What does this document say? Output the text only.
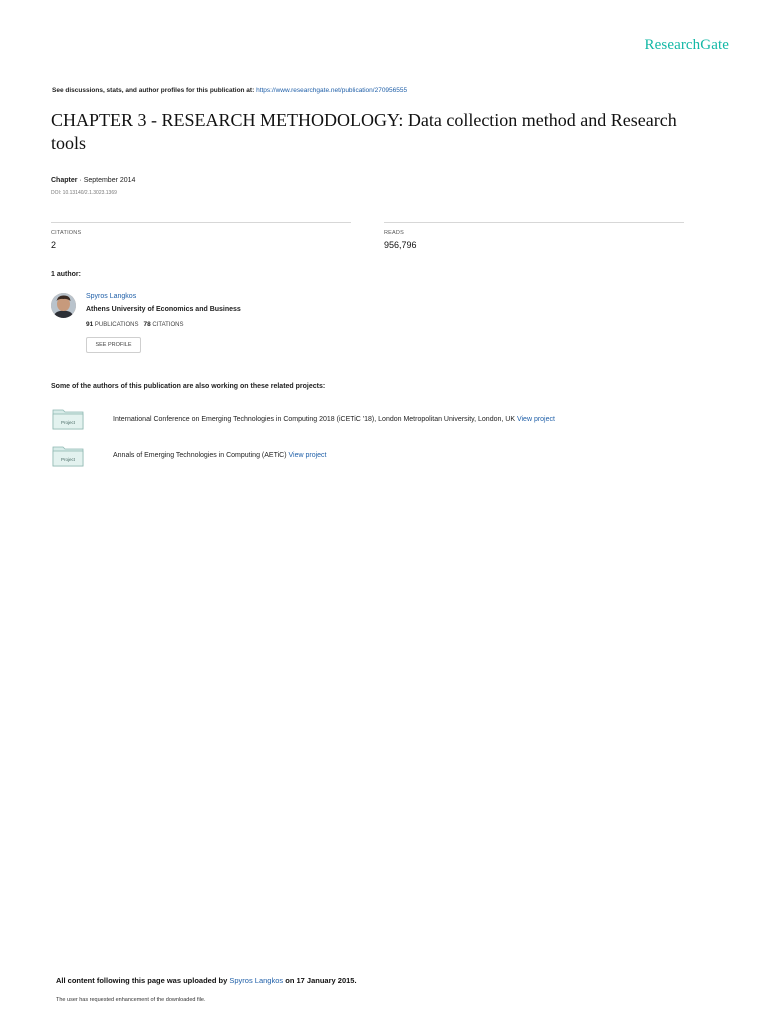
ResearchGate
See discussions, stats, and author profiles for this publication at: https://www.researchgate.net/publication/270956555
CHAPTER 3 - RESEARCH METHODOLOGY: Data collection method and Research tools
Chapter · September 2014
DOI: 10.13140/2.1.3023.1369
CITATIONS
2
READS
956,796
1 author:
Spyros Langkos
Athens University of Economics and Business
91 PUBLICATIONS 78 CITATIONS
SEE PROFILE
Some of the authors of this publication are also working on these related projects:
Project	International Conference on Emerging Technologies in Computing 2018 (iCETiC '18), London Metropolitan University, London, UK View project
Project
Annals of Emerging Technologies in Computing (AETiC) View project
All content following this page was uploaded by Spyros Langkos on 17 January 2015.
The user has requested enhancement of the downloaded file.
